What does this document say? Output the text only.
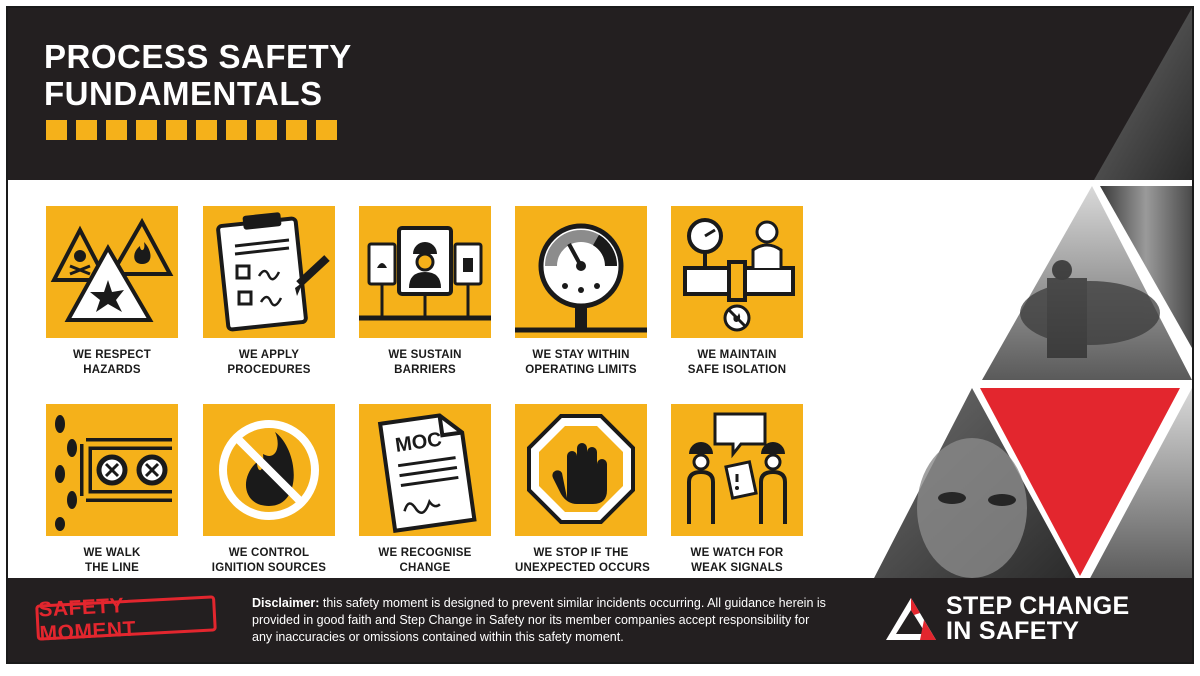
PROCESS SAFETY
FUNDAMENTALS
WE RESPECT
HAZARDS
WE APPLY
PROCEDURES
WE SUSTAIN
BARRIERS
WE STAY WITHIN
OPERATING LIMITS
WE MAINTAIN
SAFE ISOLATION
WE WALK
THE LINE
WE CONTROL
IGNITION SOURCES
MOC
WE RECOGNISE
CHANGE
WE STOP IF THE
UNEXPECTED OCCURS
WE WATCH FOR
WEAK SIGNALS
SAFETY MOMENT

Disclaimer: this safety moment is designed to prevent similar incidents occurring. All guidance herein is provided in good faith and Step Change in Safety nor its member companies accept responsibility for any inaccuracies or omissions contained within this safety moment.

STEP CHANGE
IN SAFETY
